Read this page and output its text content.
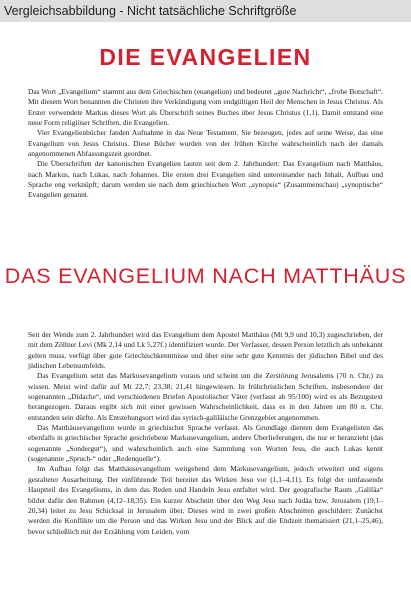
Vergleichsabbildung - Nicht tatsächliche Schriftgröße
DIE EVANGELIEN

Das Wort „Evangelium“ stammt aus dem Griechischen (euangelion) und bedeutet „gute Nachricht“, „frohe Botschaft“. Mit diesem Wort benannten die Christen ihre Verkündigung vom endgültigen Heil der Menschen in Jesus Christus. Als Erster verwendete Markus dieses Wort als Überschrift seines Buches über Jesus Christus (1,1). Damit entstand eine neue Form religiöser Schriften, die Evangelien.

Vier Evangelienbücher fanden Aufnahme in das Neue Testament. Sie bezeugen, jedes auf seine Weise, das eine Evangelium von Jesus Christus. Diese Bücher wurden von der frühen Kirche wahrscheinlich nach der damals angenommenen Abfassungszeit geordnet.

Die Überschriften der kanonischen Evangelien lauten seit dem 2. Jahrhundert: Das Evangelium nach Matthäus, nach Markus, nach Lukas, nach Johannes. Die ersten drei Evangelien sind untereinander nach Inhalt, Aufbau und Sprache eng verknüpft; darum werden sie nach dem griechischen Wort „synopsis“ (Zusammenschau) „synoptische“ Evangelien genannt.

DAS EVANGELIUM NACH MATTHÄUS

Seit der Wende zum 2. Jahrhundert wird das Evangelium dem Apostel Matthäus (Mt 9,9 und 10,3) zugeschrieben, der mit dem Zöllner Levi (Mk 2,14 und Lk 5,27f.) identifiziert wurde. Der Verfasser, dessen Person letztlich als unbekannt gelten muss, verfügt über gute Griechischkenntnisse und über eine sehr gute Kenntnis der jüdischen Bibel und des jüdischen Lebensumfelds.

Das Evangelium setzt das Markusevangelium voraus und scheint um die Zerstörung Jerusalems (70 n. Chr.) zu wissen. Meist wird dafür auf Mt 22,7; 23,38; 21,41 hingewiesen. In frühchristlichen Schriften, insbesondere der sogenannten „Didache“, und verschiedenen Briefen Apostolischer Väter (verfasst ab 95/100) wird es als Bezugstext herangezogen. Daraus ergibt sich mit einer gewissen Wahrscheinlichkeit, dass es in den Jahren um 80 n. Chr. entstanden sein dürfte. Als Entstehungsort wird das syrisch-galiläische Grenzgebiet angenommen.

Das Matthäusevangelium wurde in griechischer Sprache verfasst. Als Grundlage dienten dem Evangelisten das ebenfalls in griechischer Sprache geschriebene Markusevangelium, andere Überlieferungen, die nur er heranzieht (das sogenannte „Sondergut“), und wahrscheinlich auch eine Sammlung von Worten Jesu, die auch Lukas kennt (sogenannte „Spruch-“ oder „Redenquelle“).

Im Aufbau folgt das Matthäusevangelium weitgehend dem Markusevangelium, jedoch erweitert und eigens gestalteter Ausarbeitung. Der einführende Teil bereitet das Wirken Jesu vor (1,1–4,11). Es folgt der umfassende Hauptteil des Evangeliums, in dem das Reden und Handeln Jesu entfaltet wird. Der geografische Raum „Galiläa“ bildet dafür den Rahmen (4,12–18,35). Ein kurzer Abschnitt über den Weg Jesu nach Judäa bzw. Jerusalem (19,1–20,34) leitet zu Jesu Schicksal in Jerusalem über. Dieses wird in zwei großen Abschnitten geschildert: Zunächst werden die Konflikte um die Person und das Wirken Jesu und der Blick auf die Endzeit thematisiert (21,1–25,46), bevor schließlich mit der Erzählung vom Leiden, vom
